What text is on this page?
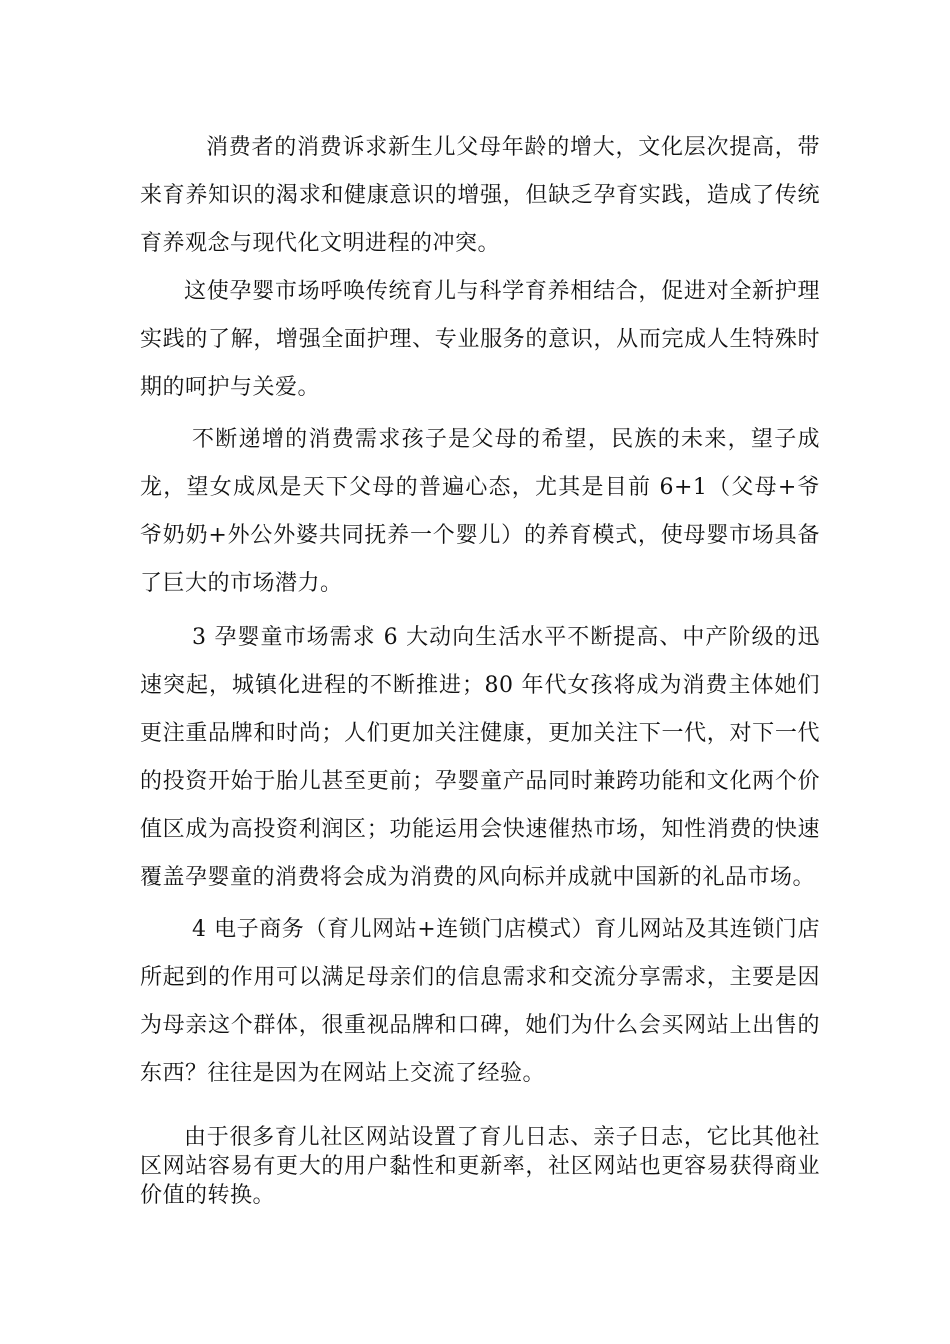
消费者的消费诉求新生儿父母年龄的增大，文化层次提高，带来育养知识的渴求和健康意识的增强，但缺乏孕育实践，造成了传统育养观念与现代化文明进程的冲突。

这使孕婴市场呼唤传统育儿与科学育养相结合，促进对全新护理实践的了解，增强全面护理、专业服务的意识，从而完成人生特殊时期的呵护与关爱。

不断递增的消费需求孩子是父母的希望，民族的未来，望子成龙，望女成凤是天下父母的普遍心态，尤其是目前 6+1（父母+爷爷奶奶+外公外婆共同抚养一个婴儿）的养育模式，使母婴市场具备了巨大的市场潜力。

3 孕婴童市场需求 6 大动向生活水平不断提高、中产阶级的迅速突起，城镇化进程的不断推进；80 年代女孩将成为消费主体她们更注重品牌和时尚；人们更加关注健康，更加关注下一代，对下一代的投资开始于胎儿甚至更前；孕婴童产品同时兼跨功能和文化两个价值区成为高投资利润区；功能运用会快速催热市场，知性消费的快速覆盖孕婴童的消费将会成为消费的风向标并成就中国新的礼品市场。

4 电子商务（育儿网站+连锁门店模式）育儿网站及其连锁门店所起到的作用可以满足母亲们的信息需求和交流分享需求，主要是因为母亲这个群体，很重视品牌和口碑，她们为什么会买网站上出售的东西？往往是因为在网站上交流了经验。

由于很多育儿社区网站设置了育儿日志、亲子日志，它比其他社区网站容易有更大的用户黏性和更新率，社区网站也更容易获得商业价值的转换。
